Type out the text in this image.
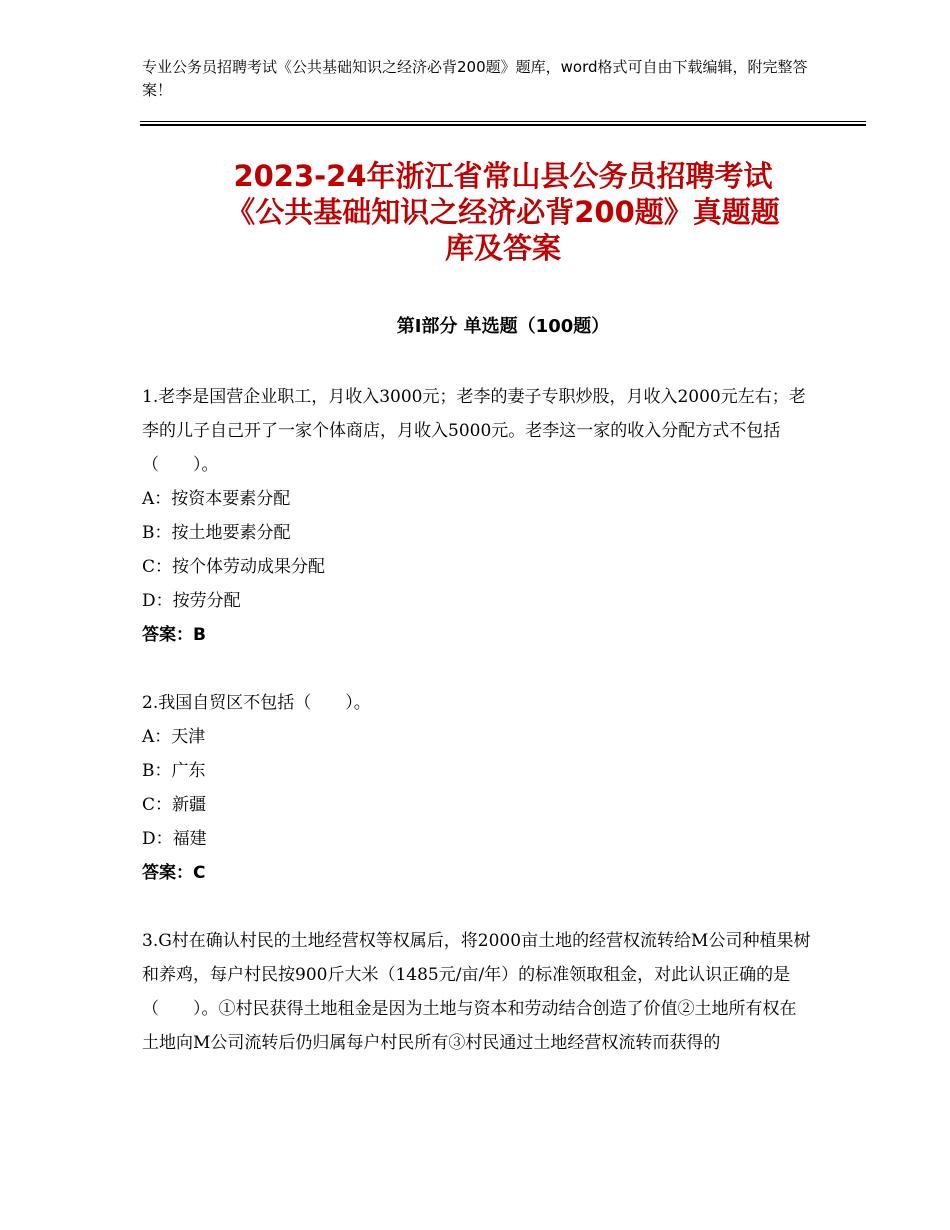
专业公务员招聘考试《公共基础知识之经济必背200题》题库，word格式可自由下载编辑，附完整答案！
2023-24年浙江省常山县公务员招聘考试
《公共基础知识之经济必背200题》真题题
库及答案
第Ⅰ部分 单选题（100题）

1.老李是国营企业职工，月收入3000元；老李的妻子专职炒股，月收入2000元左右；老李的儿子自己开了一家个体商店，月收入5000元。老李这一家的收入分配方式不包括（　　）。

A：按资本要素分配

B：按土地要素分配

C：按个体劳动成果分配

D：按劳分配

答案：B

2.我国自贸区不包括（　　）。

A：天津

B：广东

C：新疆

D：福建

答案：C

3.G村在确认村民的土地经营权等权属后，将2000亩土地的经营权流转给M公司种植果树和养鸡，每户村民按900斤大米（1485元/亩/年）的标准领取租金，对此认识正确的是（　　）。①村民获得土地租金是因为土地与资本和劳动结合创造了价值②土地所有权在土地向M公司流转后仍归属每户村民所有③村民通过土地经营权流转而获得的
